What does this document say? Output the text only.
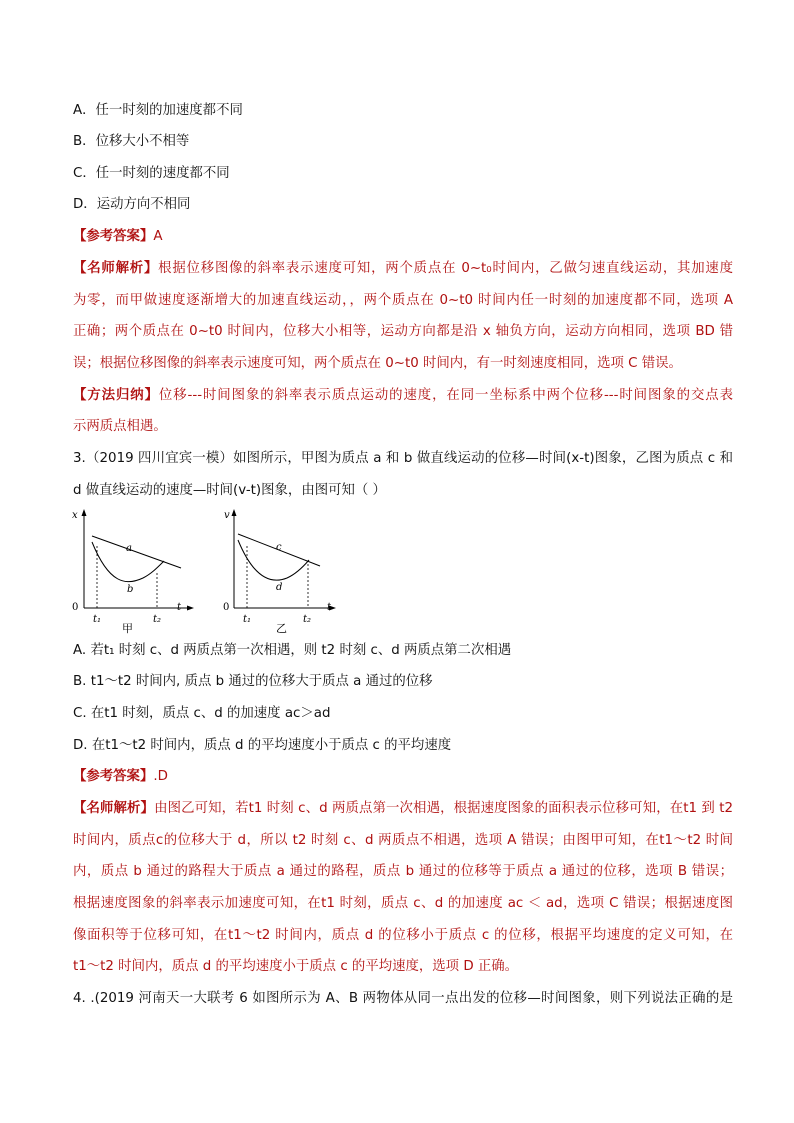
A．任一时刻的加速度都不同
B．位移大小不相等
C．任一时刻的速度都不同
D．运动方向不相同
【参考答案】A
【名师解析】根据位移图像的斜率表示速度可知，两个质点在 0~t₀时间内，乙做匀速直线运动，其加速度
为零，而甲做速度逐渐增大的加速直线运动，，两个质点在 0~t0 时间内任一时刻的加速度都不同，选项 A
正确；两个质点在 0~t0 时间内，位移大小相等，运动方向都是沿 x 轴负方向，运动方向相同，选项 BD 错
误；根据位移图像的斜率表示速度可知，两个质点在 0~t0 时间内，有一时刻速度相同，选项 C 错误。
【方法归纳】位移---时间图象的斜率表示质点运动的速度，在同一坐标系中两个位移---时间图象的交点表
示两质点相遇。
3.（2019 四川宜宾一模）如图所示，甲图为质点 a 和 b 做直线运动的位移—时间(x-t)图象，乙图为质点 c 和
d 做直线运动的速度—时间(v-t)图象，由图可知（ ）
x
t
0
t₁	t₂
a
b
甲
v
t
0
t₁	t₂
c
d
乙
A. 若t₁ 时刻 c、d 两质点第一次相遇，则 t2 时刻 c、d 两质点第二次相遇
B. t1～t2 时间内, 质点 b 通过的位移大于质点 a 通过的位移
C. 在t1 时刻，质点 c、d 的加速度 ac＞ad
D. 在t1～t2 时间内，质点 d 的平均速度小于质点 c 的平均速度
【参考答案】.D
【名师解析】由图乙可知，若t1 时刻 c、d 两质点第一次相遇，根据速度图象的面积表示位移可知，在t1 到 t2
时间内，质点c的位移大于 d，所以 t2 时刻 c、d 两质点不相遇，选项 A 错误；由图甲可知，在t1～t2 时间
内，质点 b 通过的路程大于质点 a 通过的路程，质点 b 通过的位移等于质点 a 通过的位移，选项 B 错误；
根据速度图象的斜率表示加速度可知，在t1 时刻，质点 c、d 的加速度 ac ＜ ad，选项 C 错误；根据速度图
像面积等于位移可知，在t1～t2 时间内，质点 d 的位移小于质点 c 的位移，根据平均速度的定义可知，在
t1～t2 时间内，质点 d 的平均速度小于质点 c 的平均速度，选项 D 正确。
4. .(2019 河南天一大联考 6 如图所示为 A、B 两物体从同一点出发的位移—时间图象，则下列说法正确的是
